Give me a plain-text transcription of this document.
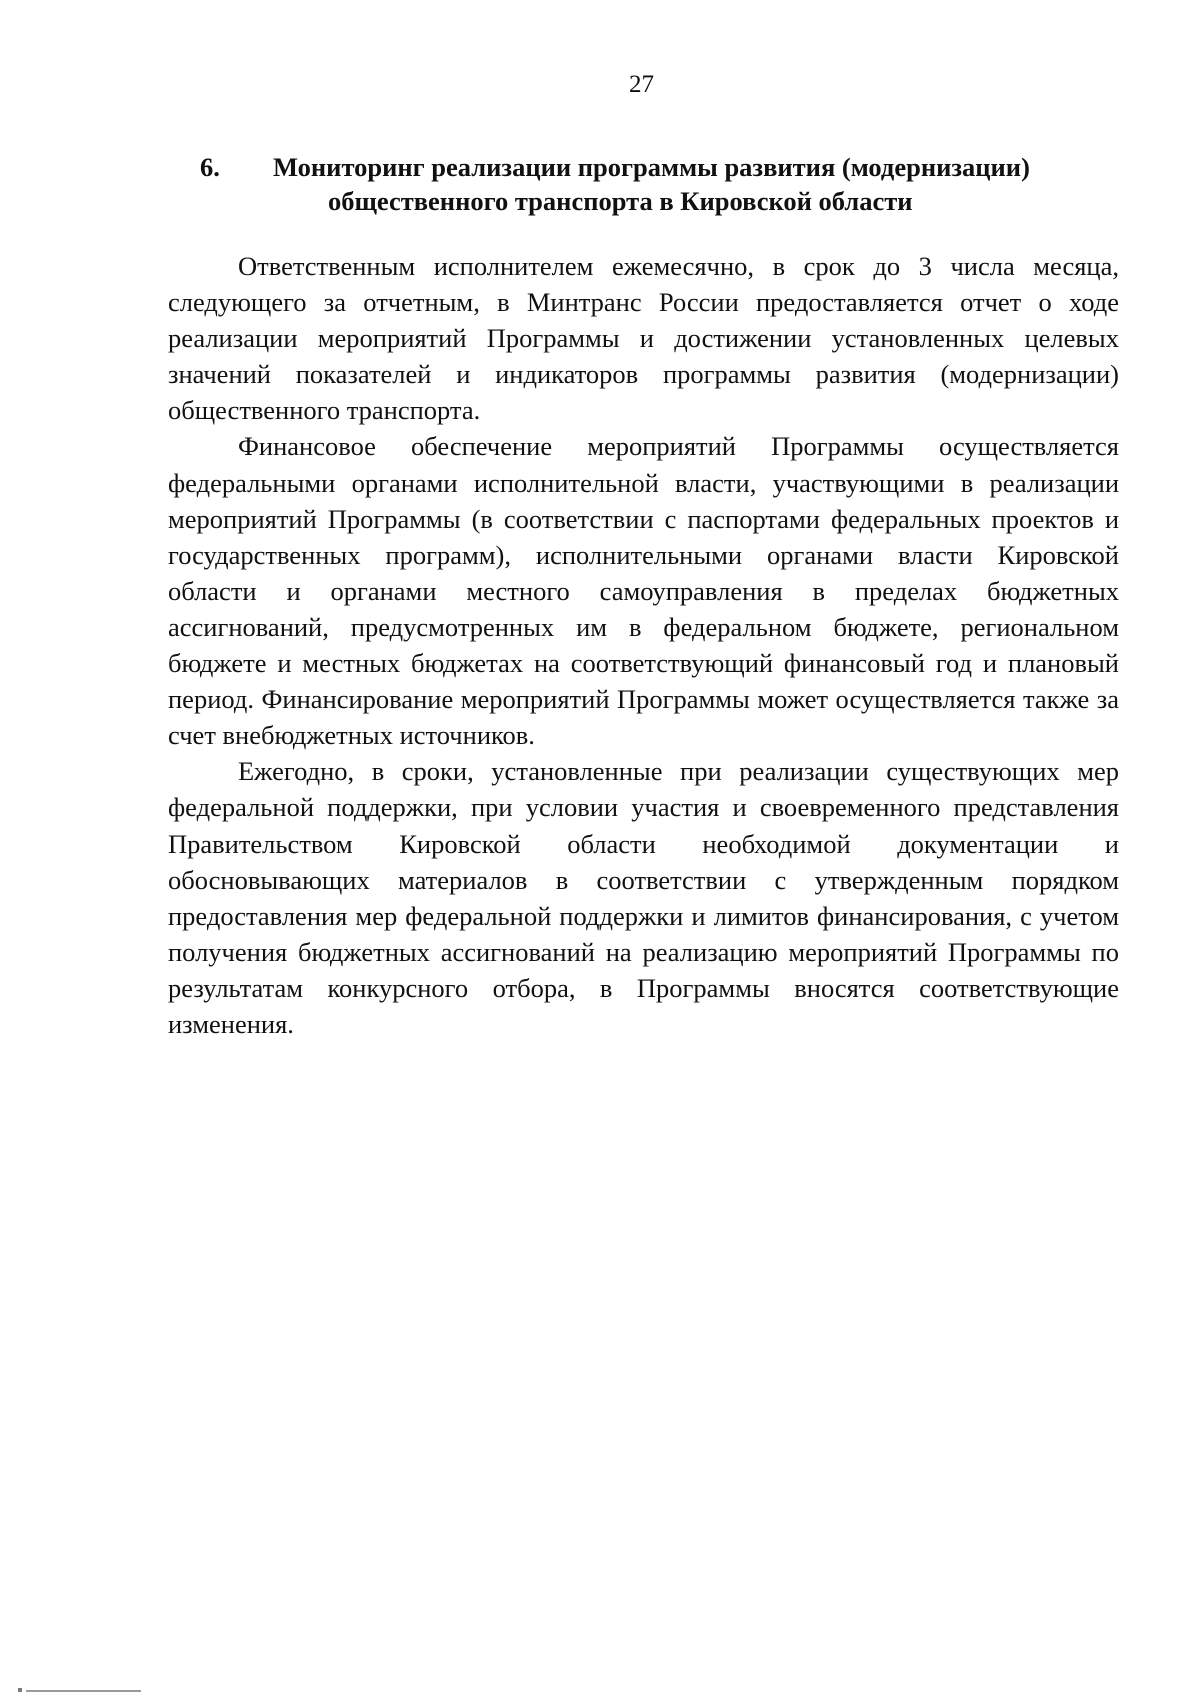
27
6.	Мониторинг реализации программы развития (модернизации)
общественного транспорта в Кировской области

Ответственным исполнителем ежемесячно, в срок до 3 числа месяца, следующего за отчетным, в Минтранс России предоставляется отчет о ходе реализации мероприятий Программы и достижении установленных целевых значений показателей и индикаторов программы развития (модернизации) общественного транспорта.

Финансовое обеспечение мероприятий Программы осуществляется федеральными органами исполнительной власти, участвующими в реализации мероприятий Программы (в соответствии с паспортами федеральных проектов и государственных программ), исполнительными органами власти Кировской области и органами местного самоуправления в пределах бюджетных ассигнований, предусмотренных им в федеральном бюджете, региональном бюджете и местных бюджетах на соответствующий финансовый год и плановый период. Финансирование мероприятий Программы может осуществляется также за счет внебюджетных источников.

Ежегодно, в сроки, установленные при реализации существующих мер федеральной поддержки, при условии участия и своевременного представления Правительством Кировской области необходимой документации и обосновывающих материалов в соответствии с утвержденным порядком предоставления мер федеральной поддержки и лимитов финансирования, с учетом получения бюджетных ассигнований на реализацию мероприятий Программы по результатам конкурсного отбора, в Программы вносятся соответствующие изменения.
